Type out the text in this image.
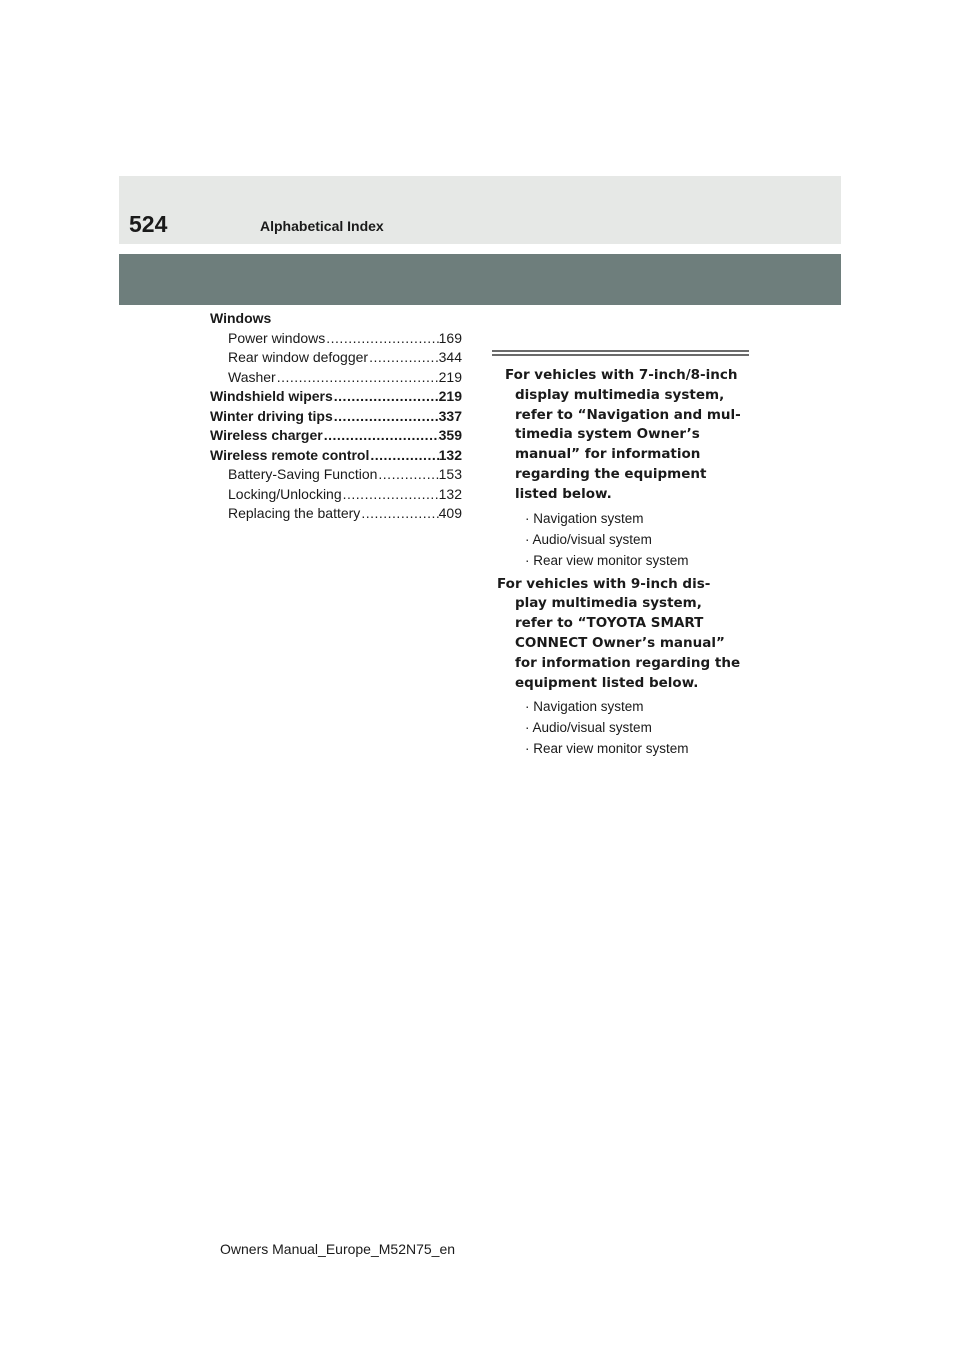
524	Alphabetical Index
Windows
Power windows .....	169
Rear window defogger .....	344
Washer .....	219
Windshield wipers .....	219
Winter driving tips .....	337
Wireless charger .....	359
Wireless remote control .....	132
Battery-Saving Function .....	153
Locking/Unlocking .....	132
Replacing the battery .....	409
For vehicles with 7-inch/8-inch
display multimedia system,
refer to “Navigation and mul-
timedia system Owner’s
manual” for information
regarding the equipment
listed below.
· Navigation system
· Audio/visual system
· Rear view monitor system
For vehicles with 9-inch dis-
play multimedia system,
refer to “TOYOTA SMART
CONNECT Owner’s manual”
for information regarding the
equipment listed below.
· Navigation system
· Audio/visual system
· Rear view monitor system
Owners Manual_Europe_M52N75_en
